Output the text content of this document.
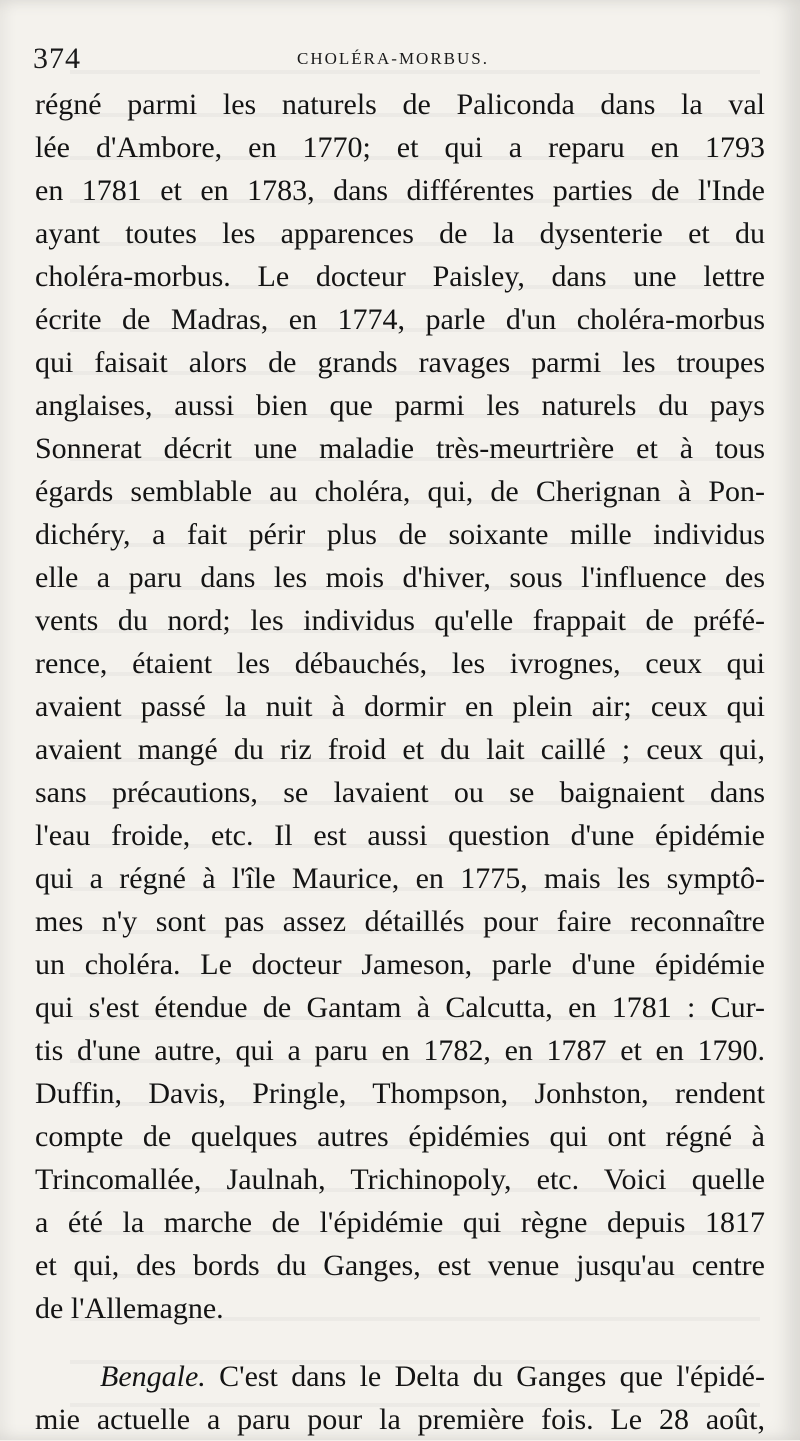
374	CHOLÉRA-MORBUS.
régné parmi les naturels de Paliconda dans la val
lée d'Ambore, en 1770; et qui a reparu en 1793
en 1781 et en 1783, dans différentes parties de l'Inde
ayant toutes les apparences de la dysenterie et du
choléra-morbus. Le docteur Paisley, dans une lettre
écrite de Madras, en 1774, parle d'un choléra-morbus
qui faisait alors de grands ravages parmi les troupes
anglaises, aussi bien que parmi les naturels du pays
Sonnerat décrit une maladie très-meurtrière et à tous
égards semblable au choléra, qui, de Cherignan à Pon-
dichéry, a fait périr plus de soixante mille individus
elle a paru dans les mois d'hiver, sous l'influence des
vents du nord; les individus qu'elle frappait de préfé-
rence, étaient les débauchés, les ivrognes, ceux qui
avaient passé la nuit à dormir en plein air; ceux qui
avaient mangé du riz froid et du lait caillé ; ceux qui,
sans précautions, se lavaient ou se baignaient dans
l'eau froide, etc. Il est aussi question d'une épidémie
qui a régné à l'île Maurice, en 1775, mais les symptô-
mes n'y sont pas assez détaillés pour faire reconnaître
un choléra. Le docteur Jameson, parle d'une épidémie
qui s'est étendue de Gantam à Calcutta, en 1781 : Cur-
tis d'une autre, qui a paru en 1782, en 1787 et en 1790.
Duffin, Davis, Pringle, Thompson, Jonhston, rendent
compte de quelques autres épidémies qui ont régné à
Trincomallée, Jaulnah, Trichinopoly, etc. Voici quelle
a été la marche de l'épidémie qui règne depuis 1817
et qui, des bords du Ganges, est venue jusqu'au centre
de l'Allemagne.
Bengale. C'est dans le Delta du Ganges que l'épidé-
mie actuelle a paru pour la première fois. Le 28 août,
